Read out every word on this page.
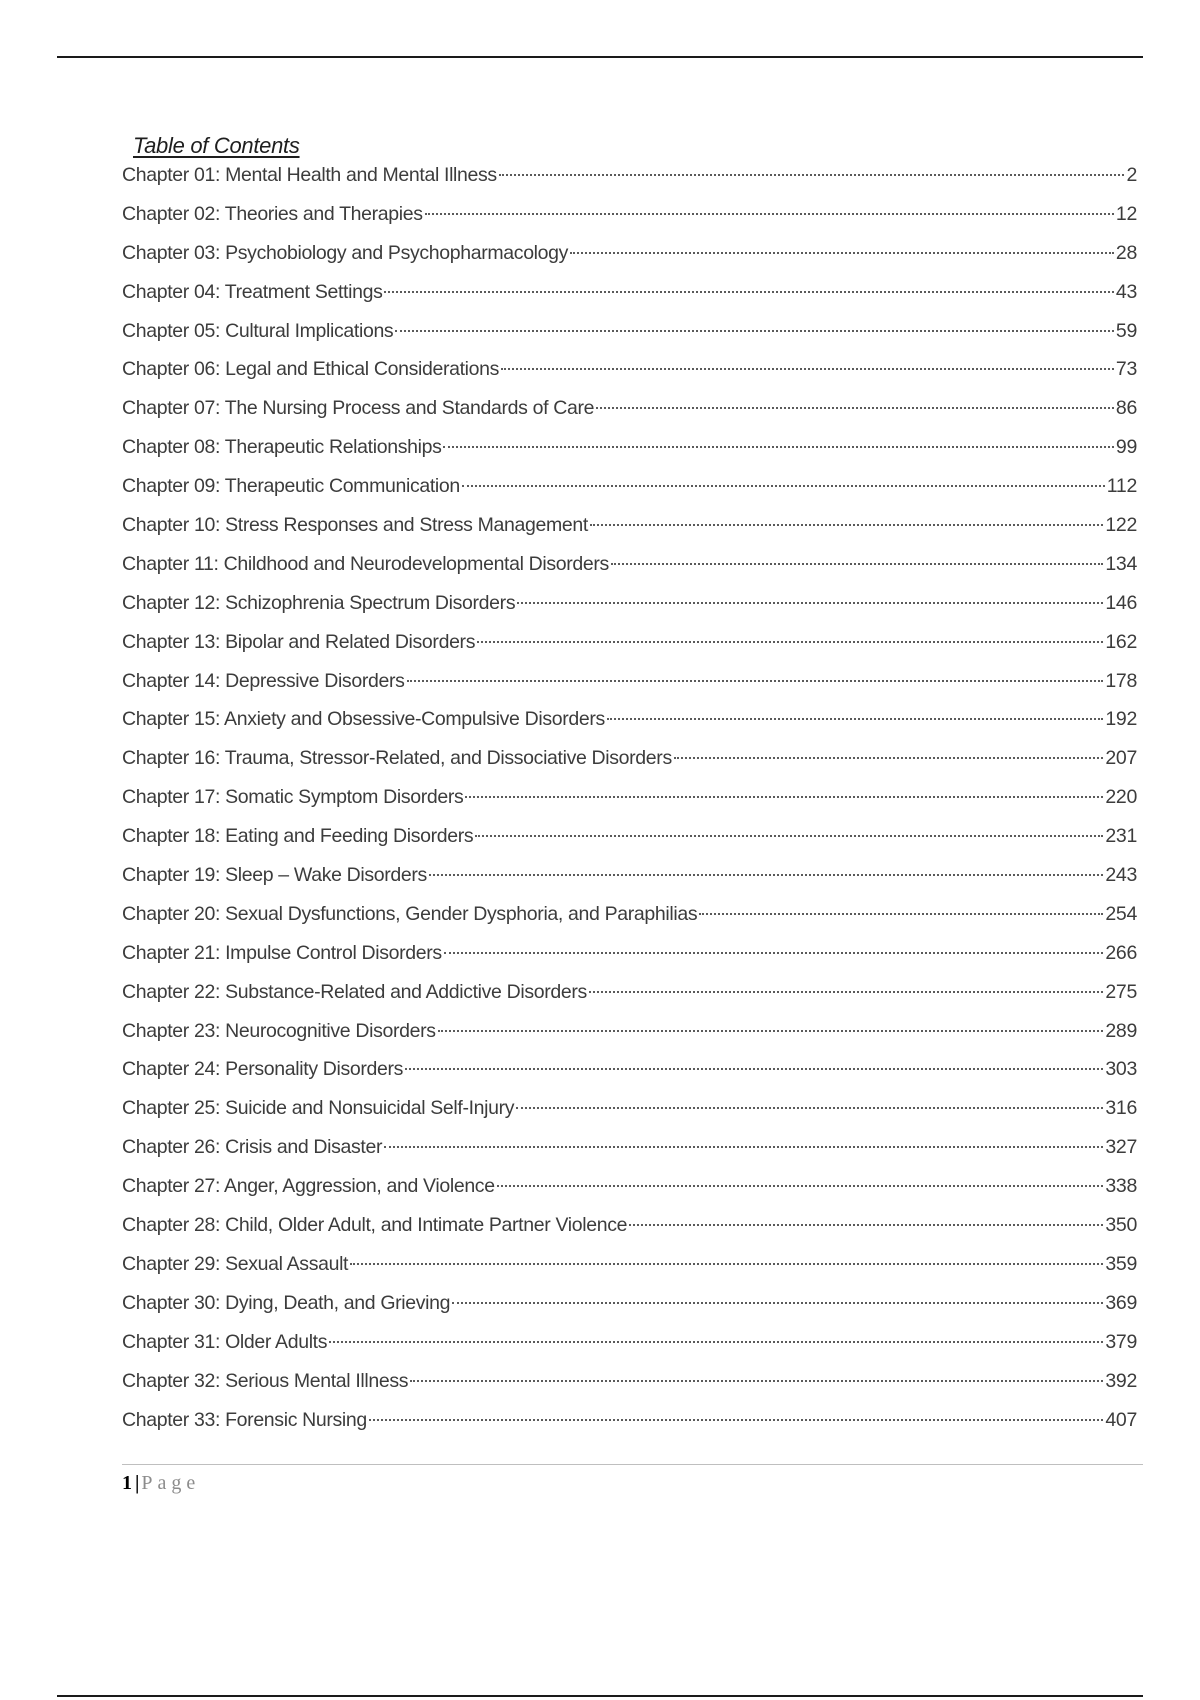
Table of Contents
Chapter 01: Mental Health and Mental Illness	2
Chapter 02: Theories and Therapies	12
Chapter 03: Psychobiology and Psychopharmacology	28
Chapter 04: Treatment Settings	43
Chapter 05: Cultural Implications	59
Chapter 06: Legal and Ethical Considerations	73
Chapter 07: The Nursing Process and Standards of Care	86
Chapter 08: Therapeutic Relationships	99
Chapter 09: Therapeutic Communication	112
Chapter 10: Stress Responses and Stress Management	122
Chapter 11: Childhood and Neurodevelopmental Disorders	134
Chapter 12: Schizophrenia Spectrum Disorders	146
Chapter 13: Bipolar and Related Disorders	162
Chapter 14: Depressive Disorders	178
Chapter 15: Anxiety and Obsessive-Compulsive Disorders	192
Chapter 16: Trauma, Stressor-Related, and Dissociative Disorders	207
Chapter 17: Somatic Symptom Disorders	220
Chapter 18: Eating and Feeding Disorders	231
Chapter 19: Sleep – Wake Disorders	243
Chapter 20: Sexual Dysfunctions, Gender Dysphoria, and Paraphilias	254
Chapter 21: Impulse Control Disorders	266
Chapter 22: Substance-Related and Addictive Disorders	275
Chapter 23: Neurocognitive Disorders	289
Chapter 24: Personality Disorders	303
Chapter 25: Suicide and Nonsuicidal Self-Injury	316
Chapter 26: Crisis and Disaster	327
Chapter 27: Anger, Aggression, and Violence	338
Chapter 28: Child, Older Adult, and Intimate Partner Violence	350
Chapter 29: Sexual Assault	359
Chapter 30: Dying, Death, and Grieving	369
Chapter 31: Older Adults	379
Chapter 32: Serious Mental Illness	392
Chapter 33: Forensic Nursing	407
1 | Page
